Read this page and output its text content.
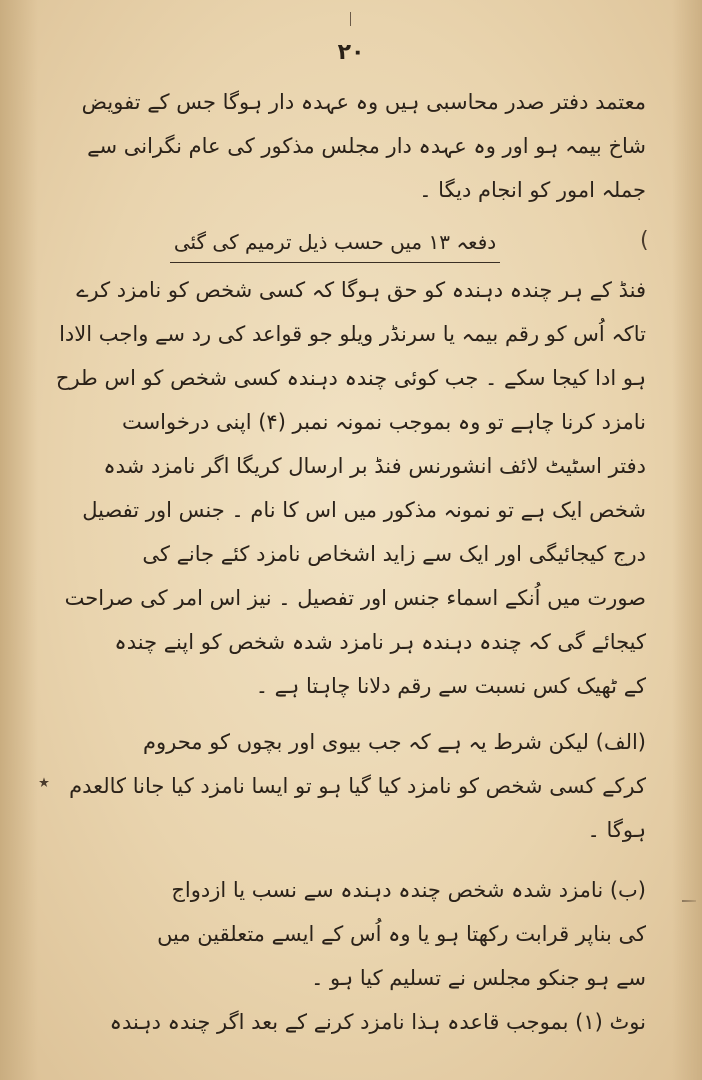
۲۰
معتمد دفتر صدر محاسبی ہیں وہ عہدہ دار ہوگا جس کے تفویض
شاخ بیمہ ہو اور وہ عہدہ دار مجلس مذکور کی عام نگرانی سے
جملہ امور کو انجام دیگا ۔
دفعہ ۱۳ میں حسب ذیل ترمیم کی گئی	(
فنڈ کے ہر چندہ دہندہ کو حق ہوگا کہ کسی شخص کو نامزد کرے
تاکہ اُس کو رقم بیمہ یا سرنڈر ویلو جو قواعد کی رد سے واجب الادا
ہو ادا کیجا سکے ۔ جب کوئی چندہ دہندہ کسی شخص کو اس طرح
نامزد کرنا چاہے تو وہ بموجب نمونہ نمبر (۴) اپنی درخواست
دفتر اسٹیٹ لائف انشورنس فنڈ بر ارسال کریگا اگر نامزد شدہ
شخص ایک ہے تو نمونہ مذکور میں اس کا نام ۔ جنس اور تفصیل
درج کیجائیگی اور ایک سے زاید اشخاص نامزد کئے جانے کی
صورت میں اُنکے اسماء جنس اور تفصیل ۔ نیز اس امر کی صراحت
کیجائے گی کہ چندہ دہندہ ہر نامزد شدہ شخص کو اپنے چندہ
کے ٹھیک کس نسبت سے رقم دلانا چاہتا ہے ۔
٭
(الف) لیکن شرط یہ ہے کہ جب بیوی اور بچوں کو محروم
کرکے کسی شخص کو نامزد کیا گیا ہو تو ایسا نامزد کیا جانا کالعدم
ہوگا ۔
(ب) نامزد شدہ شخص چندہ دہندہ سے نسب یا ازدواج
کی بناپر قرابت رکھتا ہو یا وہ اُس کے ایسے متعلقین میں
سے ہو جنکو مجلس نے تسلیم کیا ہو ۔
نوٹ (۱) بموجب قاعدہ ہذا نامزد کرنے کے بعد اگر چندہ دہندہ
